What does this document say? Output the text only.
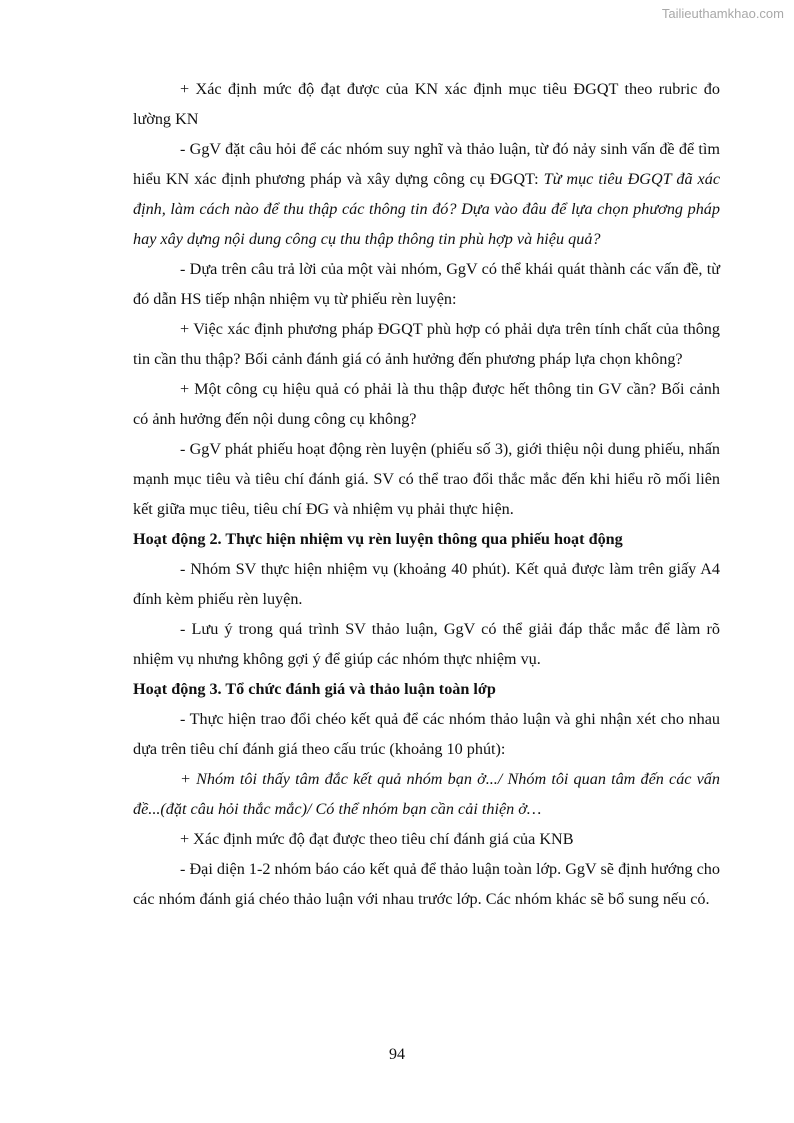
Tailieuthamkhao.com

+ Xác định mức độ đạt được của KN xác định mục tiêu ĐGQT theo rubric đo lường KN

- GgV đặt câu hỏi để các nhóm suy nghĩ và thảo luận, từ đó nảy sinh vấn đề để tìm hiểu KN xác định phương pháp và xây dựng công cụ ĐGQT: Từ mục tiêu ĐGQT đã xác định, làm cách nào để thu thập các thông tin đó? Dựa vào đâu để lựa chọn phương pháp hay xây dựng nội dung công cụ thu thập thông tin phù hợp và hiệu quả?

- Dựa trên câu trả lời của một vài nhóm, GgV có thể khái quát thành các vấn đề, từ đó dẫn HS tiếp nhận nhiệm vụ từ phiếu rèn luyện:

+ Việc xác định phương pháp ĐGQT phù hợp có phải dựa trên tính chất của thông tin cần thu thập? Bối cảnh đánh giá có ảnh hưởng đến phương pháp lựa chọn không?

+ Một công cụ hiệu quả có phải là thu thập được hết thông tin GV cần? Bối cảnh có ảnh hưởng đến nội dung công cụ không?

- GgV phát phiếu hoạt động rèn luyện (phiếu số 3), giới thiệu nội dung phiếu, nhấn mạnh mục tiêu và tiêu chí đánh giá. SV có thể trao đổi thắc mắc đến khi hiểu rõ mối liên kết giữa mục tiêu, tiêu chí ĐG và nhiệm vụ phải thực hiện.

Hoạt động 2. Thực hiện nhiệm vụ rèn luyện thông qua phiếu hoạt động

- Nhóm SV thực hiện nhiệm vụ (khoảng 40 phút). Kết quả được làm trên giấy A4 đính kèm phiếu rèn luyện.

- Lưu ý trong quá trình SV thảo luận, GgV có thể giải đáp thắc mắc để làm rõ nhiệm vụ nhưng không gợi ý để giúp các nhóm thực nhiệm vụ.

Hoạt động 3. Tổ chức đánh giá và thảo luận toàn lớp

- Thực hiện trao đổi chéo kết quả để các nhóm thảo luận và ghi nhận xét cho nhau dựa trên tiêu chí đánh giá theo cấu trúc (khoảng 10 phút):

+ Nhóm tôi thấy tâm đắc kết quả nhóm bạn ở.../ Nhóm tôi quan tâm đến các vấn đề...(đặt câu hỏi thắc mắc)/ Có thể nhóm bạn cần cải thiện ở…

+ Xác định mức độ đạt được theo tiêu chí đánh giá của KNB

- Đại diện 1-2 nhóm báo cáo kết quả để thảo luận toàn lớp. GgV sẽ định hướng cho các nhóm đánh giá chéo thảo luận với nhau trước lớp. Các nhóm khác sẽ bổ sung nếu có.

94
